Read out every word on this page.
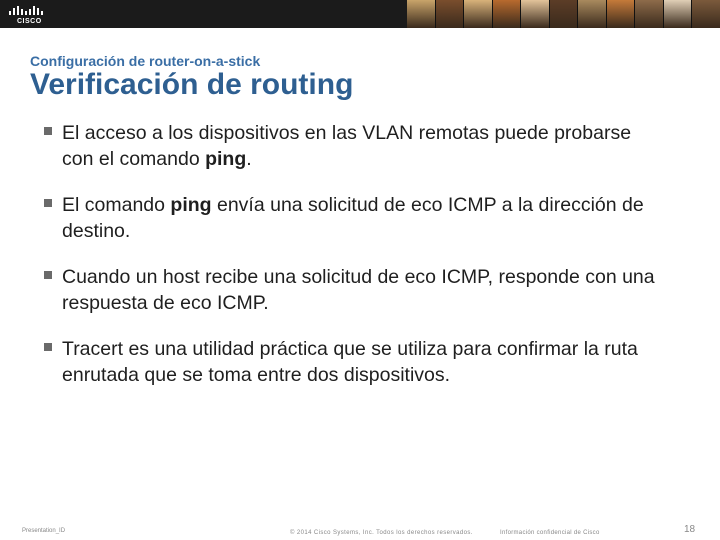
CISCO
Configuración de router-on-a-stick
Verificación de routing
El acceso a los dispositivos en las VLAN remotas puede probarse con el comando ping.
El comando ping envía una solicitud de eco ICMP a la dirección de destino.
Cuando un host recibe una solicitud de eco ICMP, responde con una respuesta de eco ICMP.
Tracert es una utilidad práctica que se utiliza para confirmar la ruta enrutada que se toma entre dos dispositivos.
Presentation_ID	© 2014 Cisco Systems, Inc. Todos los derechos reservados.	Información confidencial de Cisco	18
